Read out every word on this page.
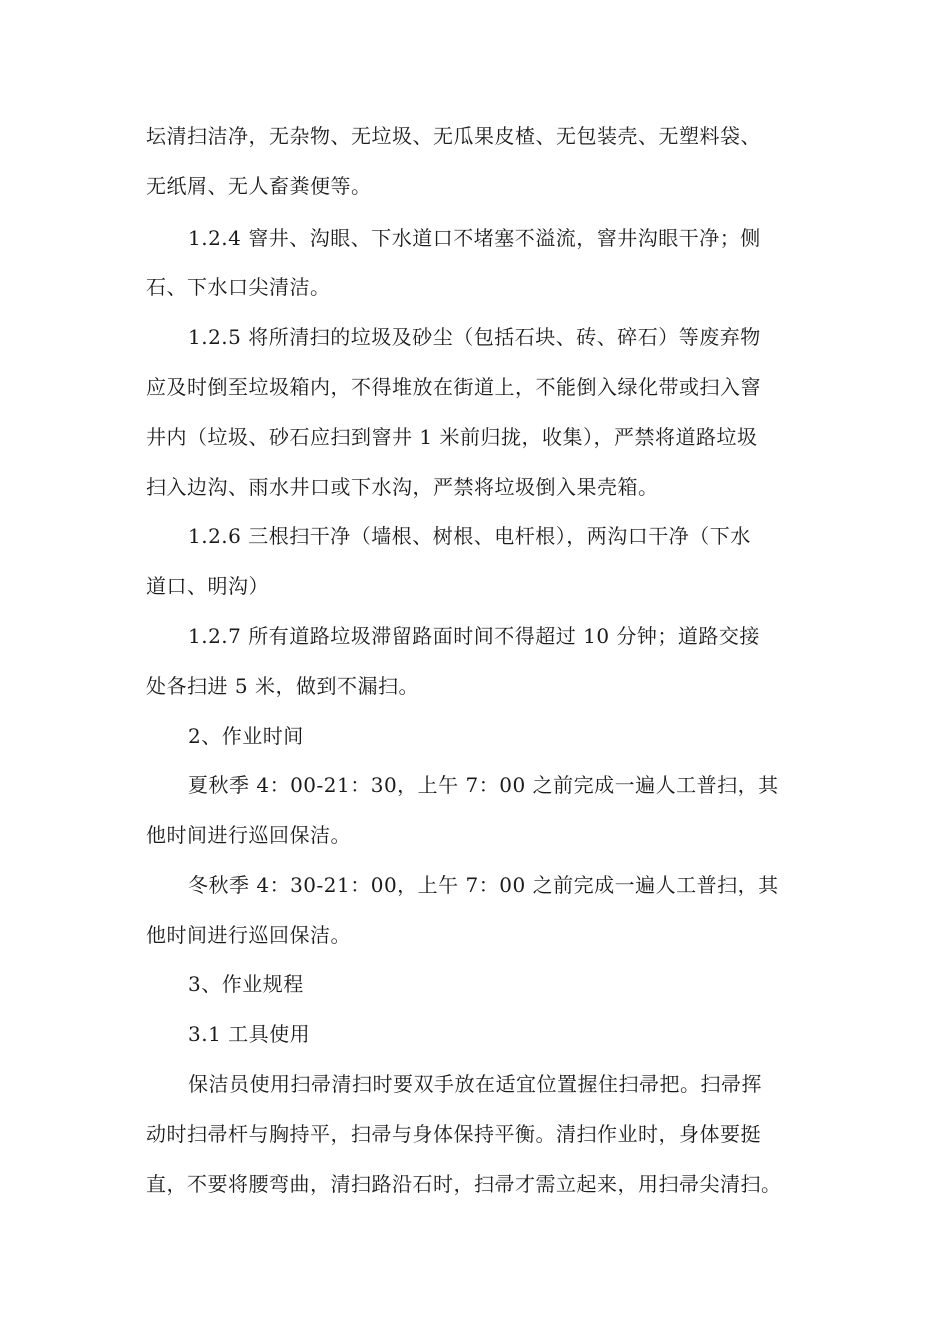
坛清扫洁净，无杂物、无垃圾、无瓜果皮楂、无包装壳、无塑料袋、
无纸屑、无人畜粪便等。
1.2.4 窨井、沟眼、下水道口不堵塞不溢流，窨井沟眼干净；侧
石、下水口尖清洁。
1.2.5 将所清扫的垃圾及砂尘（包括石块、砖、碎石）等废弃物
应及时倒至垃圾箱内，不得堆放在街道上，不能倒入绿化带或扫入窨
井内（垃圾、砂石应扫到窨井 1 米前归拢，收集），严禁将道路垃圾
扫入边沟、雨水井口或下水沟，严禁将垃圾倒入果壳箱。
1.2.6 三根扫干净（墙根、树根、电杆根），两沟口干净（下水
道口、明沟）
1.2.7 所有道路垃圾滞留路面时间不得超过 10 分钟；道路交接
处各扫进 5 米，做到不漏扫。
2、作业时间
夏秋季 4：00-21：30，上午 7：00 之前完成一遍人工普扫，其
他时间进行巡回保洁。
冬秋季 4：30-21：00，上午 7：00 之前完成一遍人工普扫，其
他时间进行巡回保洁。
3、作业规程
3.1 工具使用
保洁员使用扫帚清扫时要双手放在适宜位置握住扫帚把。扫帚挥
动时扫帚杆与胸持平，扫帚与身体保持平衡。清扫作业时，身体要挺
直，不要将腰弯曲，清扫路沿石时，扫帚才需立起来，用扫帚尖清扫。
